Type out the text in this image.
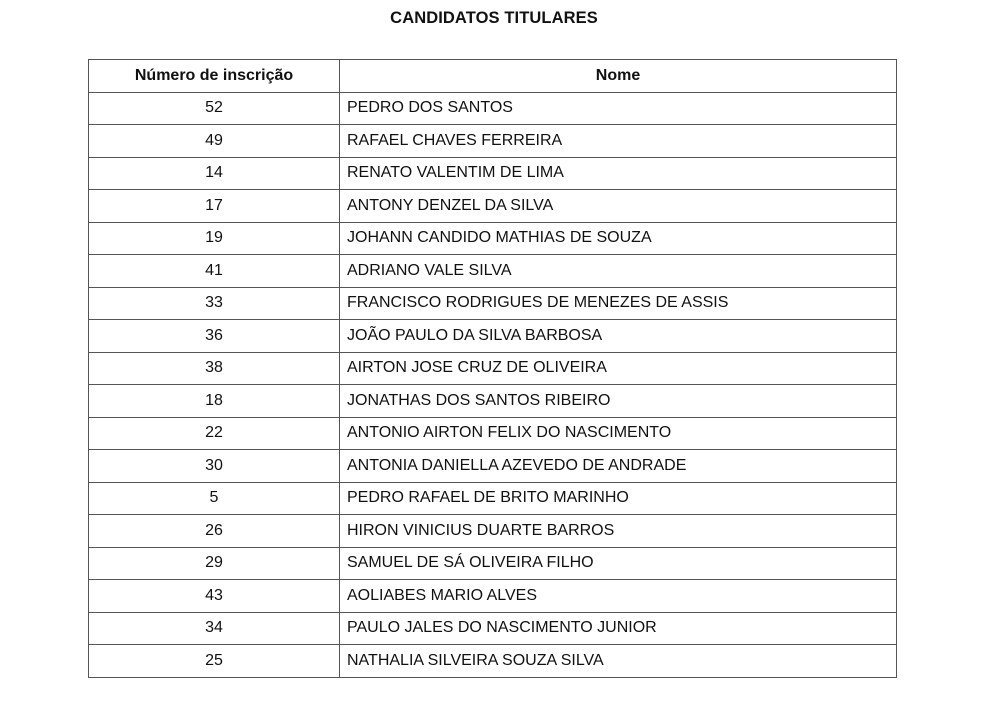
CANDIDATOS TITULARES
Número de inscrição	Nome
52	PEDRO DOS SANTOS
49	RAFAEL CHAVES FERREIRA
14	RENATO VALENTIM DE LIMA
17	ANTONY DENZEL DA SILVA
19	JOHANN CANDIDO MATHIAS DE SOUZA
41	ADRIANO VALE SILVA
33	FRANCISCO RODRIGUES DE MENEZES DE ASSIS
36	JOÃO PAULO DA SILVA BARBOSA
38	AIRTON JOSE CRUZ DE OLIVEIRA
18	JONATHAS DOS SANTOS RIBEIRO
22	ANTONIO AIRTON FELIX DO NASCIMENTO
30	ANTONIA DANIELLA AZEVEDO DE ANDRADE
5	PEDRO RAFAEL DE BRITO MARINHO
26	HIRON VINICIUS DUARTE BARROS
29	SAMUEL DE SÁ OLIVEIRA FILHO
43	AOLIABES MARIO ALVES
34	PAULO JALES DO NASCIMENTO JUNIOR
25	NATHALIA SILVEIRA SOUZA SILVA
